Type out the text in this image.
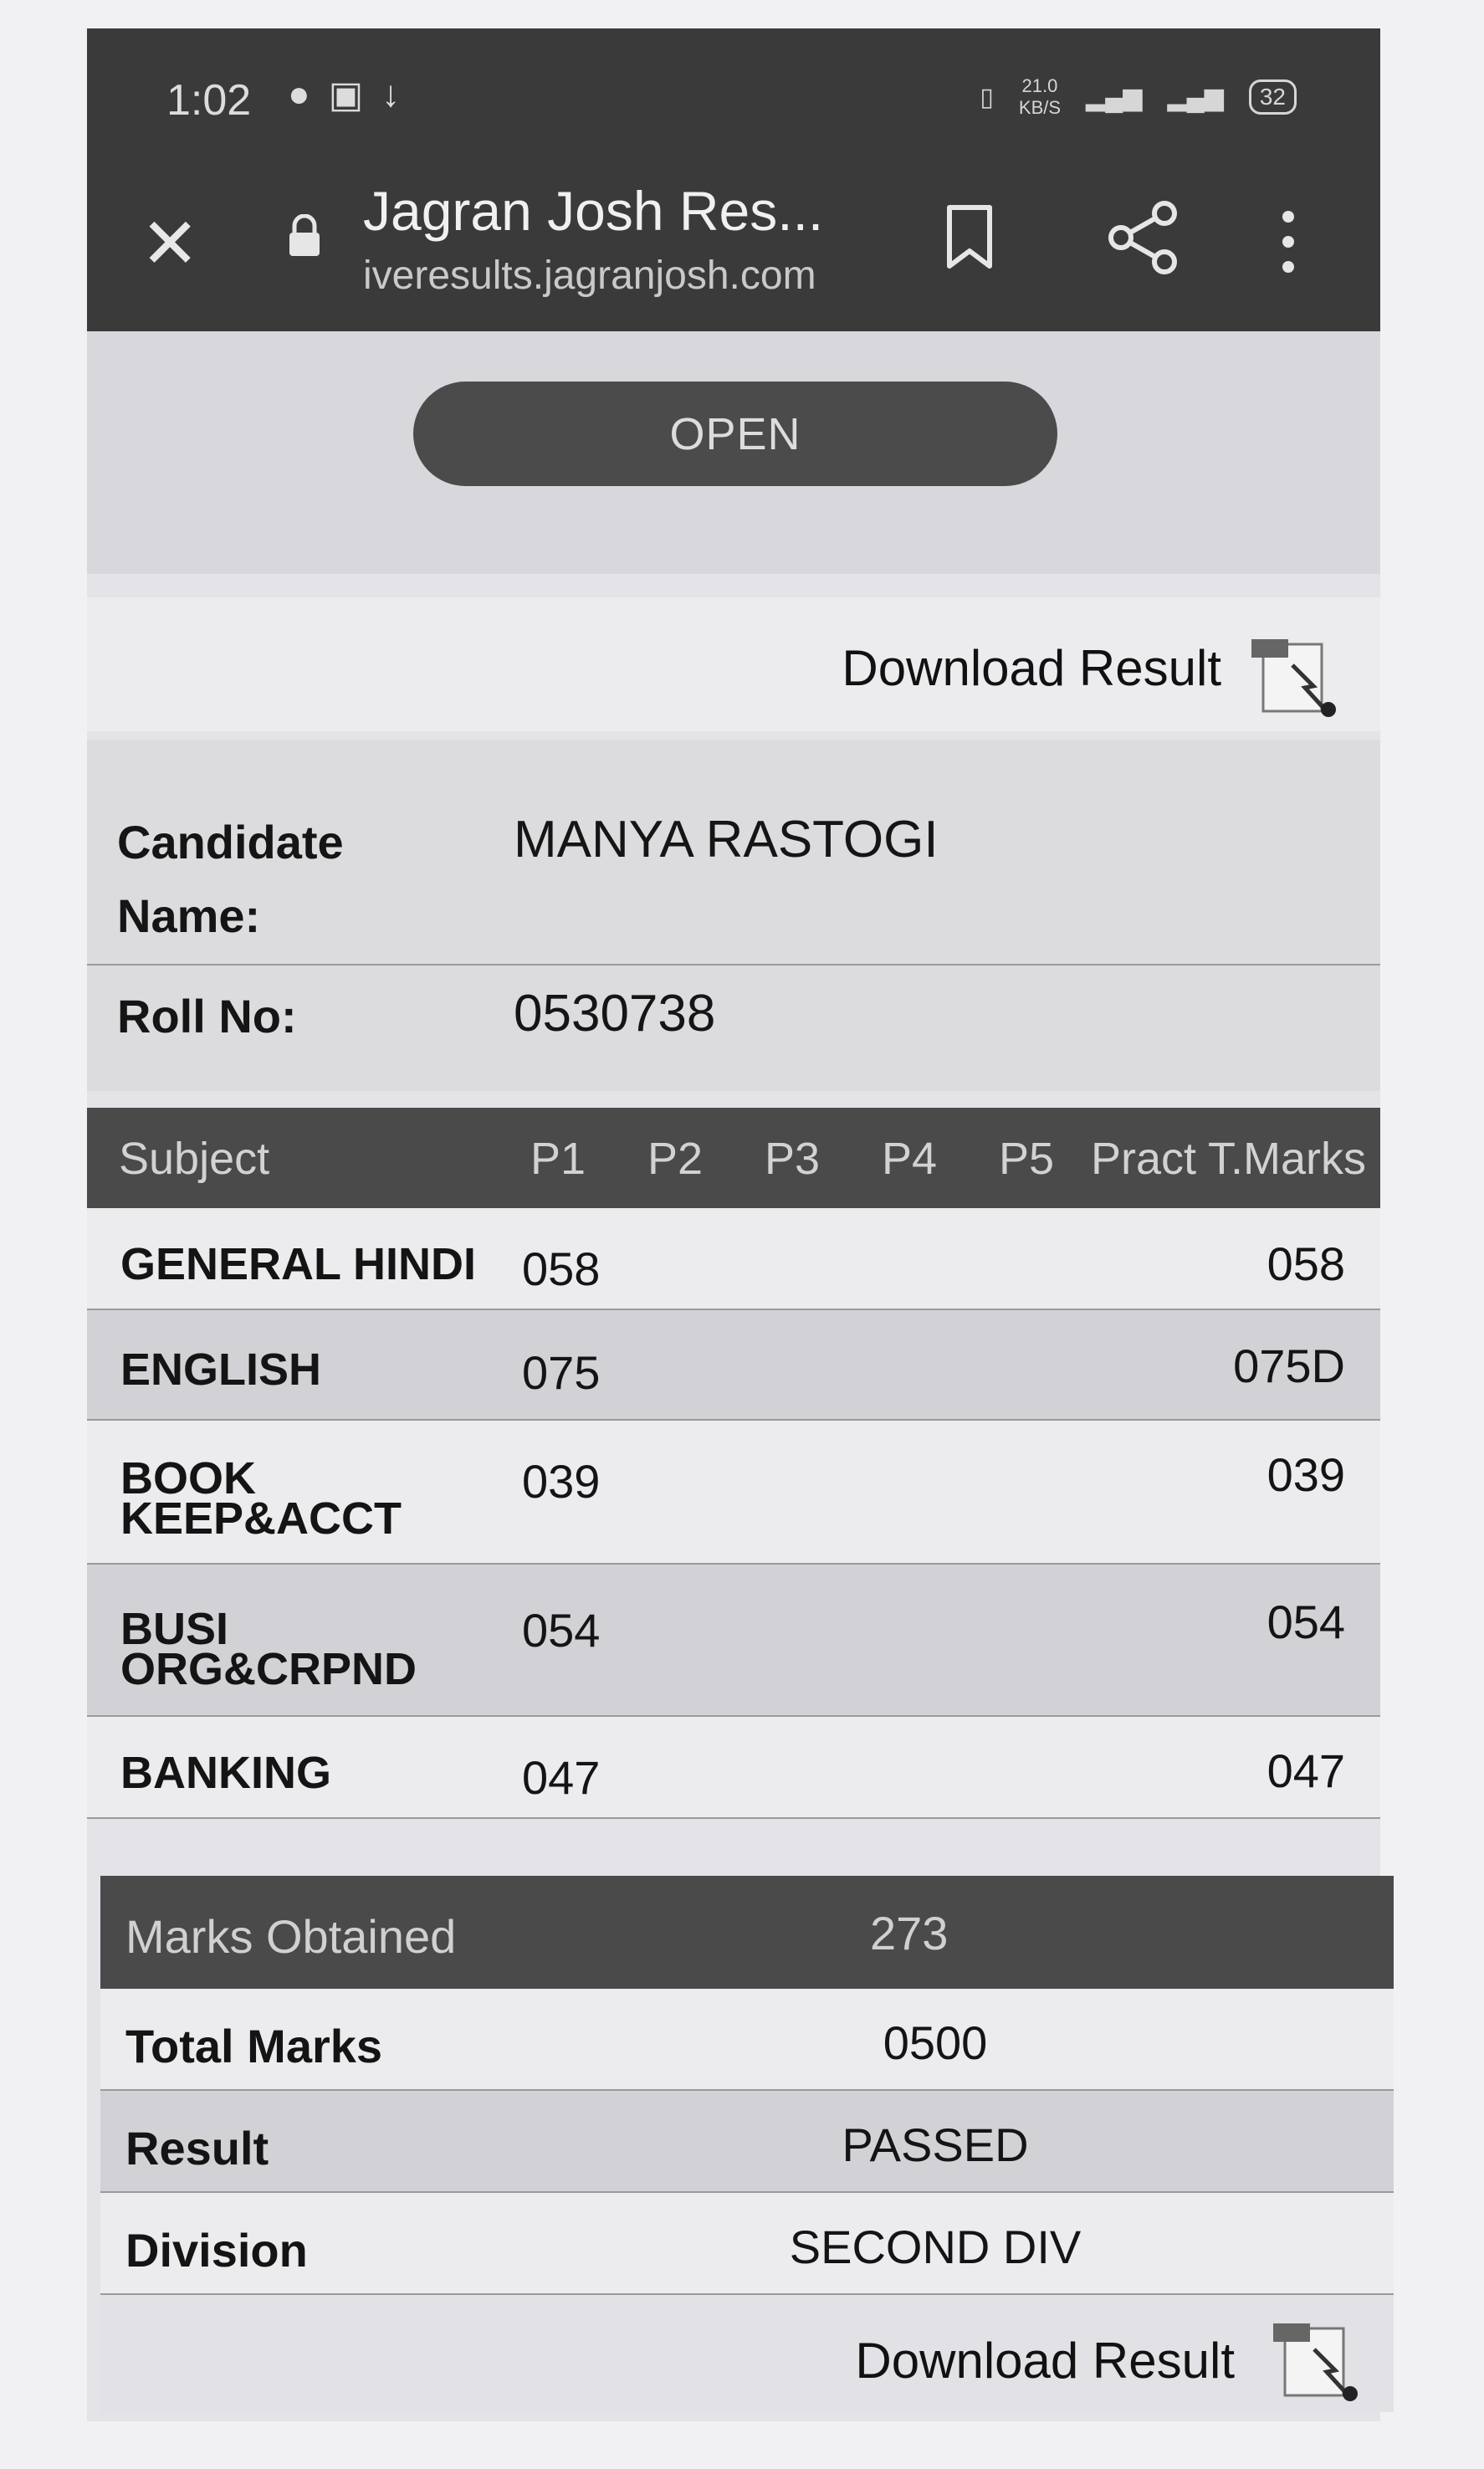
1:02 ● ▣ ↓	▯ 21.0
KB/S ▂▄▆ ▂▄▆	32
✕	Jagran Josh Res...
iveresults.jagranjosh.com
OPEN
Download Result
Candidate
Name:
MANYA RASTOGI
Roll No:	0530738
Subject	P1 P2 P3 P4 P5 Pract T.Marks
GENERAL HINDI 058	058
ENGLISH	075	075D
BOOK
KEEP&ACCT
039	039
BUSI
ORG&CRPND
054	054
BANKING	047	047
Marks Obtained	273
Total Marks	0500
Result	PASSED
Division	SECOND DIV
Download Result
